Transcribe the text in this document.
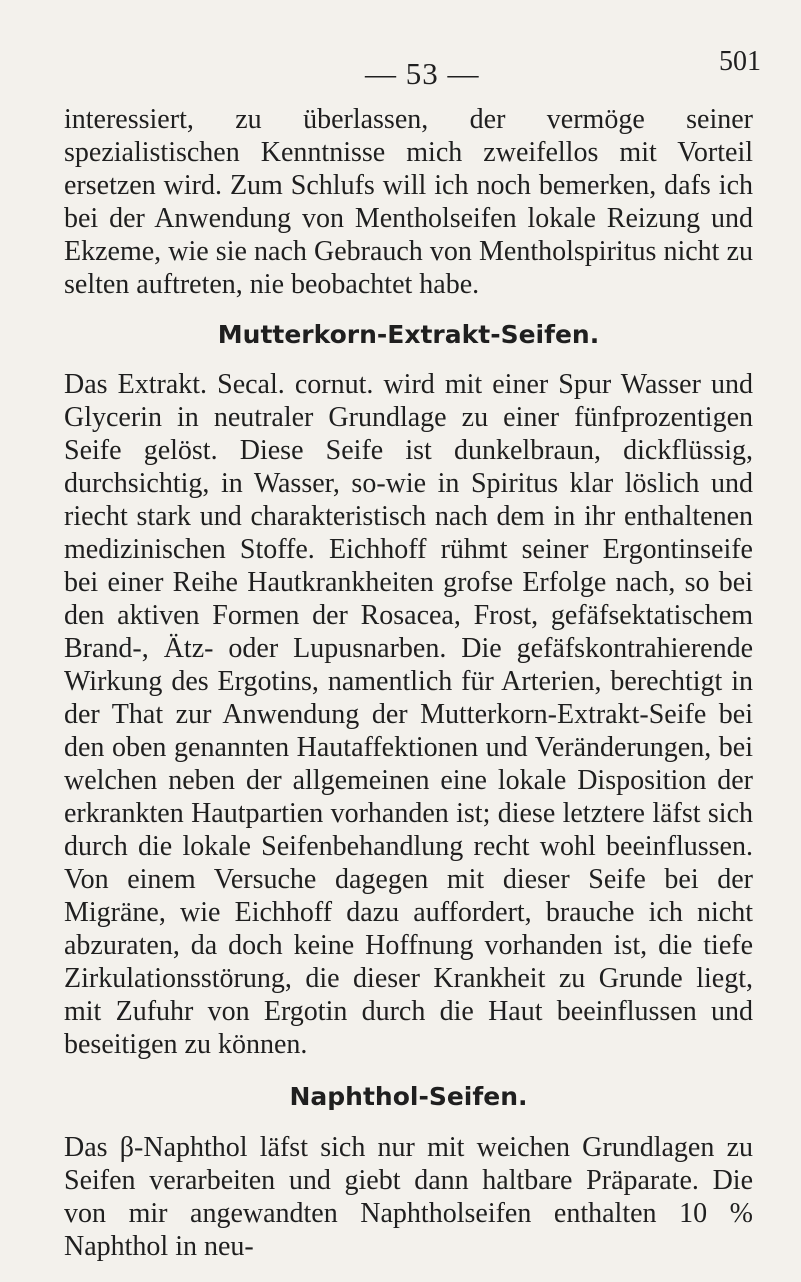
— 53 —	501

interessiert, zu überlassen, der vermöge seiner spezialistischen Kenntnisse mich zweifellos mit Vorteil ersetzen wird. Zum Schlufs will ich noch bemerken, dafs ich bei der Anwendung von Mentholseifen lokale Reizung und Ekzeme, wie sie nach Gebrauch von Mentholspiritus nicht zu selten auftreten, nie beobachtet habe.

Mutterkorn-Extrakt-Seifen.

Das Extrakt. Secal. cornut. wird mit einer Spur Wasser und Glycerin in neutraler Grundlage zu einer fünfprozentigen Seife gelöst. Diese Seife ist dunkelbraun, dickflüssig, durchsichtig, in Wasser, so-wie in Spiritus klar löslich und riecht stark und charakteristisch nach dem in ihr enthaltenen medizinischen Stoffe. Eichhoff rühmt seiner Ergontinseife bei einer Reihe Hautkrankheiten grofse Erfolge nach, so bei den aktiven Formen der Rosacea, Frost, gefäfsektatischem Brand-, Ätz- oder Lupusnarben. Die gefäfskontrahierende Wirkung des Ergotins, namentlich für Arterien, berechtigt in der That zur Anwendung der Mutterkorn-Extrakt-Seife bei den oben genannten Hautaffektionen und Veränderungen, bei welchen neben der allgemeinen eine lokale Disposition der erkrankten Hautpartien vorhanden ist; diese letztere läfst sich durch die lokale Seifenbehandlung recht wohl beeinflussen. Von einem Versuche dagegen mit dieser Seife bei der Migräne, wie Eichhoff dazu auffordert, brauche ich nicht abzuraten, da doch keine Hoffnung vorhanden ist, die tiefe Zirkulationsstörung, die dieser Krankheit zu Grunde liegt, mit Zufuhr von Ergotin durch die Haut beeinflussen und beseitigen zu können.

Naphthol-Seifen.

Das β-Naphthol läfst sich nur mit weichen Grundlagen zu Seifen verarbeiten und giebt dann haltbare Präparate. Die von mir angewandten Naphtholseifen enthalten 10 % Naphthol in neu-
